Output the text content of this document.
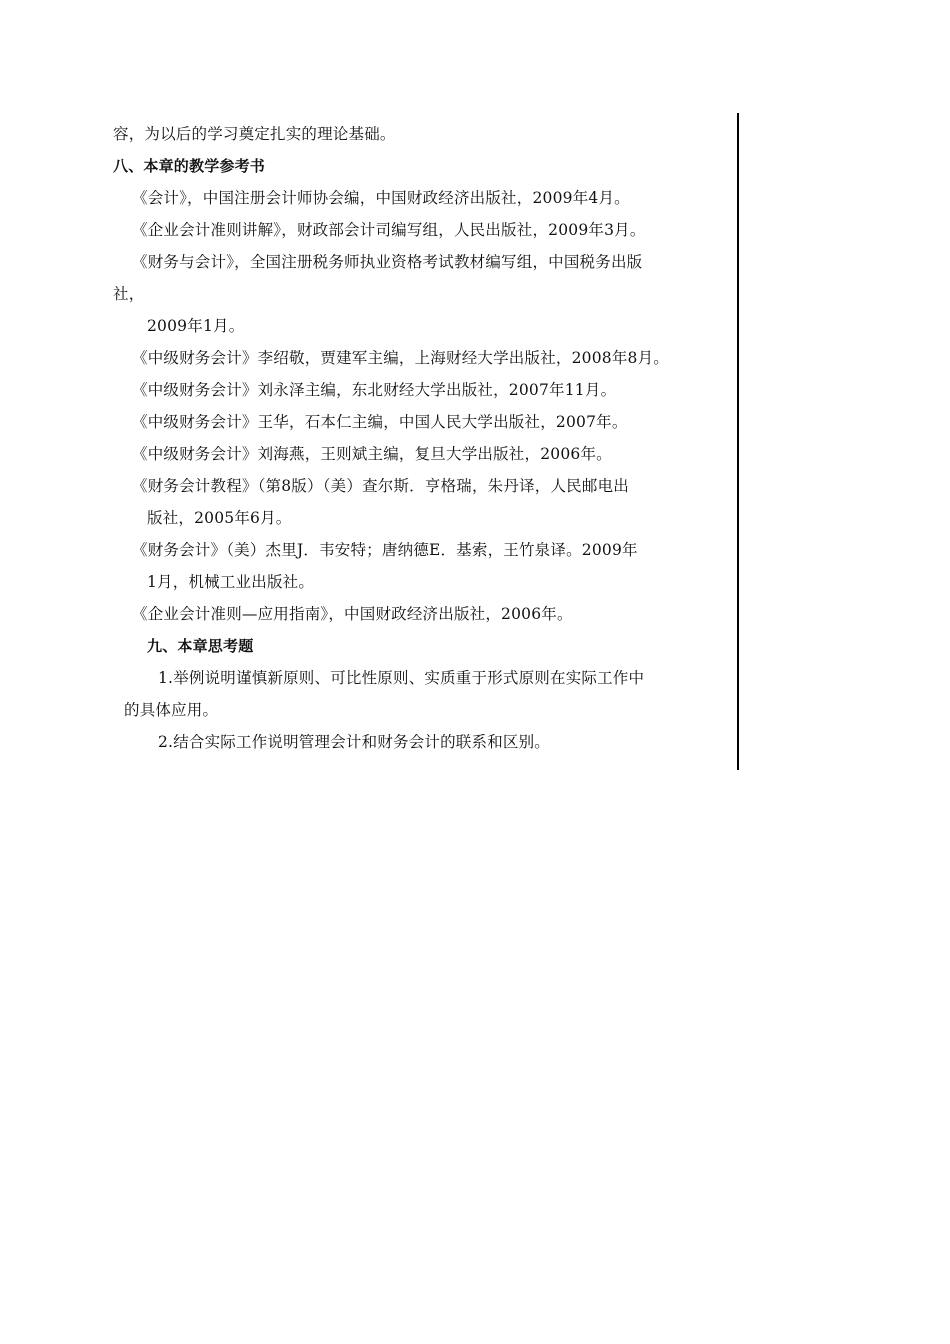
容，为以后的学习奠定扎实的理论基础。
八、本章的教学参考书
《会计》，中国注册会计师协会编，中国财政经济出版社，2009年4月。
《企业会计准则讲解》，财政部会计司编写组，人民出版社，2009年3月。
《财务与会计》，全国注册税务师执业资格考试教材编写组，中国税务出版
社，
2009年1月。
《中级财务会计》李绍敬，贾建军主编，上海财经大学出版社，2008年8月。
《中级财务会计》刘永泽主编，东北财经大学出版社，2007年11月。
《中级财务会计》王华，石本仁主编，中国人民大学出版社，2007年。
《中级财务会计》刘海燕，王则斌主编，复旦大学出版社，2006年。
《财务会计教程》（第8版）（美）查尔斯．亨格瑞，朱丹译，人民邮电出
版社，2005年6月。
《财务会计》（美）杰里J．韦安特；唐纳德E．基索，王竹泉译。2009年
1月，机械工业出版社。
《企业会计准则—应用指南》，中国财政经济出版社，2006年。
九、本章思考题
1.举例说明谨慎新原则、可比性原则、实质重于形式原则在实际工作中
的具体应用。
2.结合实际工作说明管理会计和财务会计的联系和区别。
